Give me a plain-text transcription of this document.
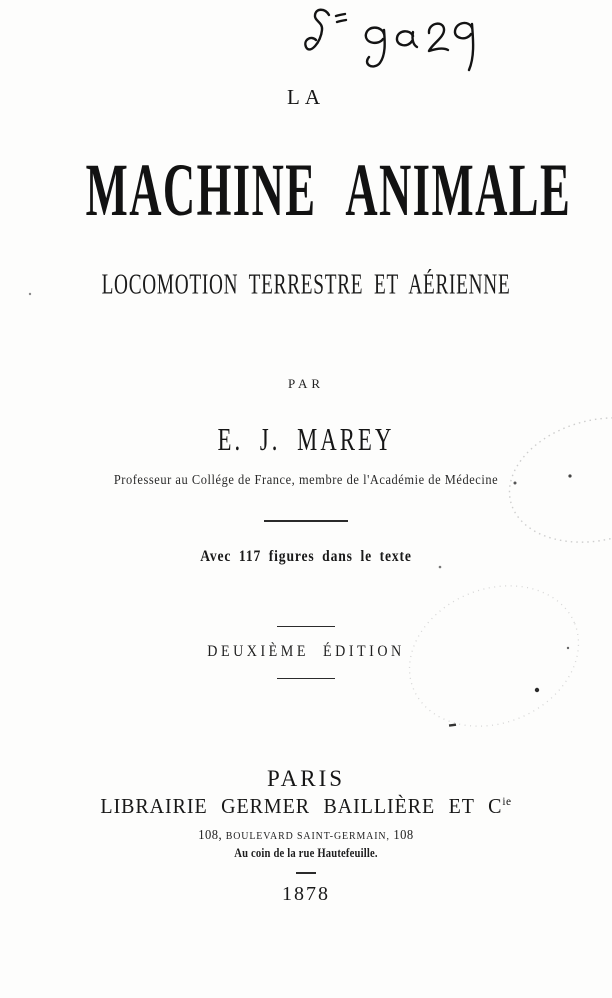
LA
MACHINE ANIMALE
LOCOMOTION TERRESTRE ET AÉRIENNE
PAR
E. J. MAREY
Professeur au Collége de France, membre de l'Académie de Médecine
Avec 117 figures dans le texte
DEUXIÈME ÉDITION
PARIS
LIBRAIRIE GERMER BAILLIÈRE ET $C^{ie}$
108, BOULEVARD SAINT-GERMAIN, 108
Au coin de la rue Hautefeuille.
1878
